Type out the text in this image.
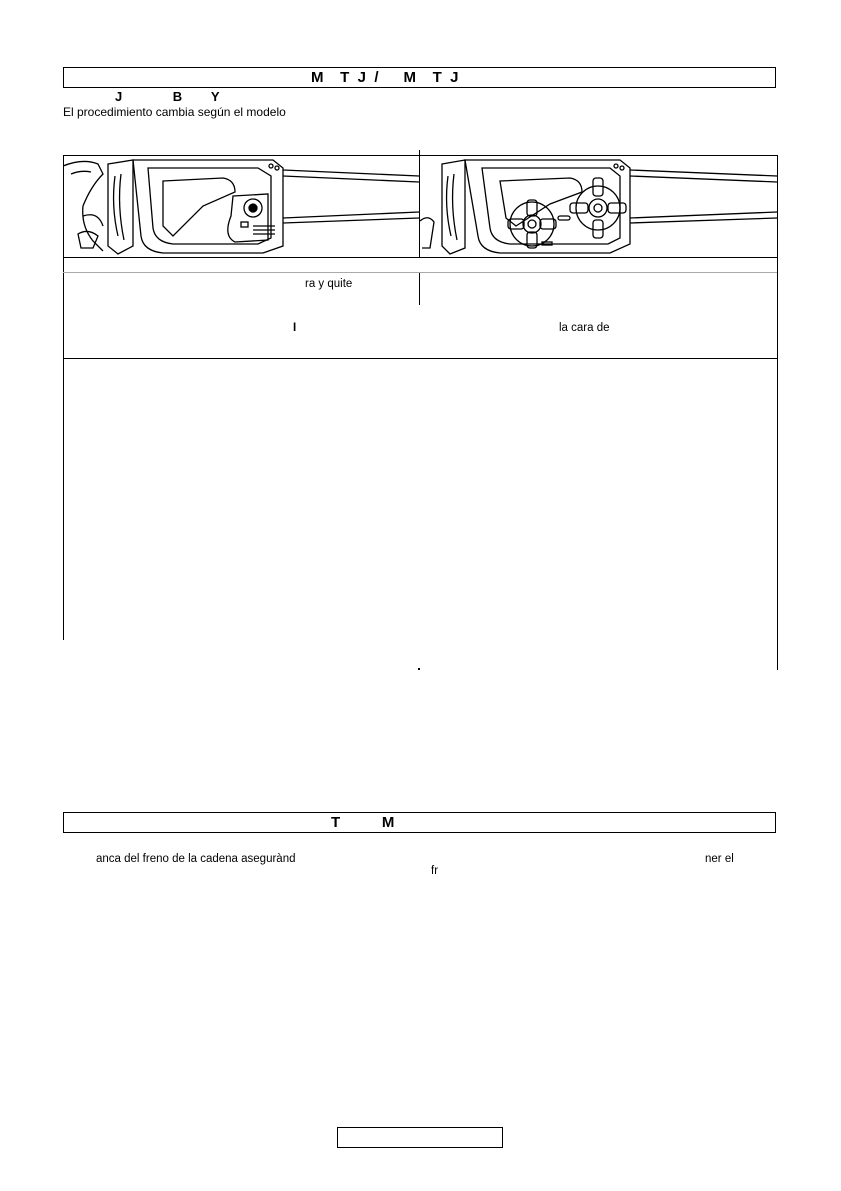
M    T  J  /      M    T  J

J              B        Y
El procedimiento cambia según el modelo
ra y quite
I	la cara de

T          M

anca del freno de la cadena asegurànd	ner el
fr
